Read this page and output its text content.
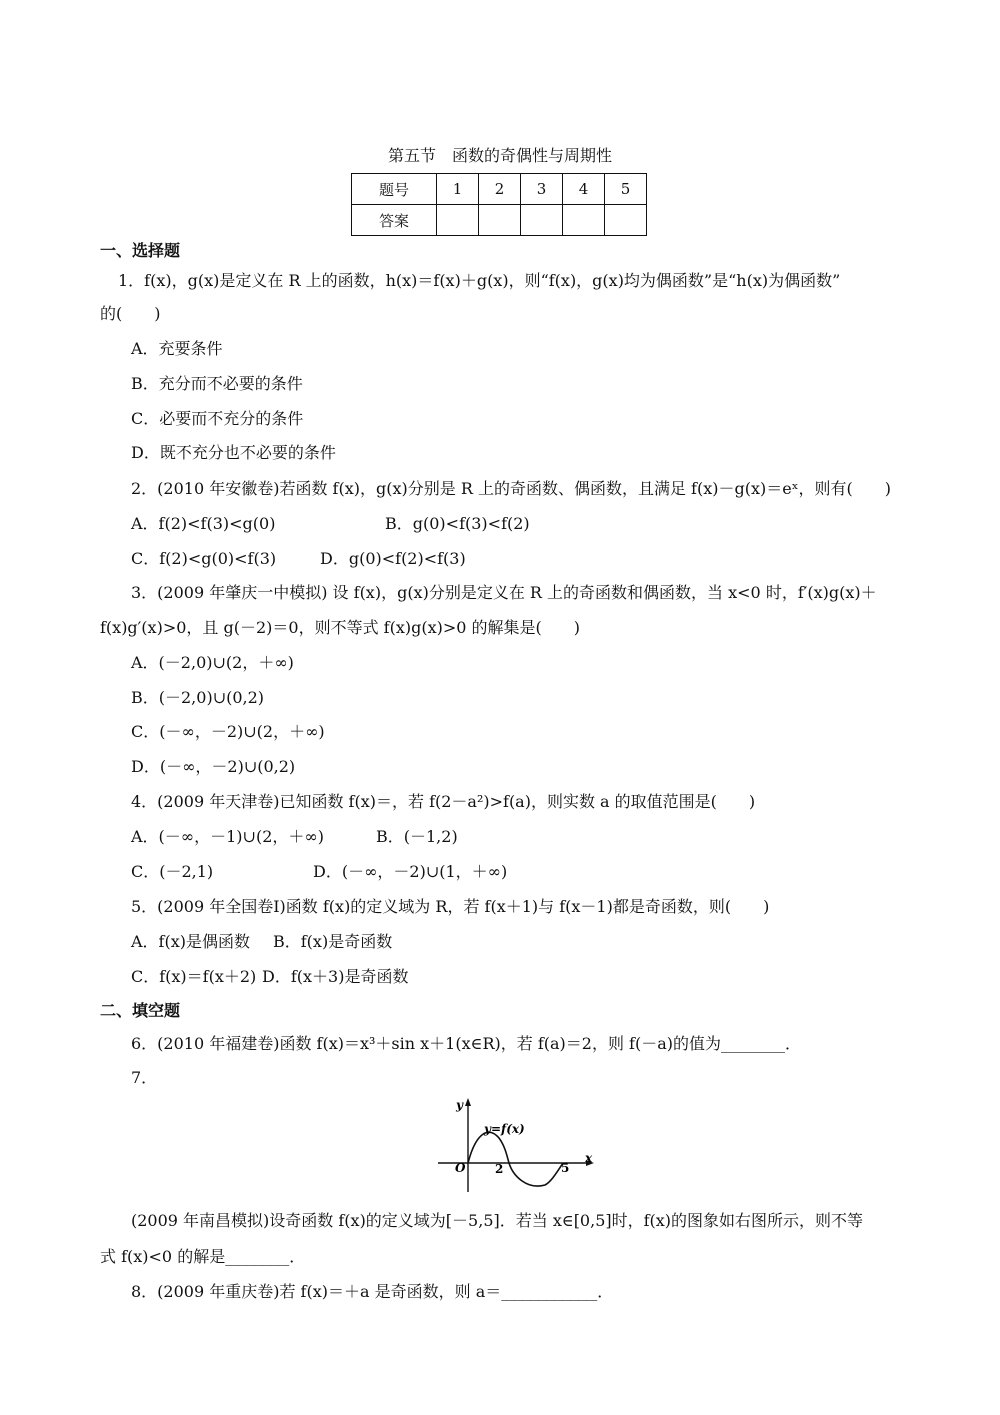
第五节　函数的奇偶性与周期性
题号	1	2	3	4	5
答案					
一、选择题
1．f(x)，g(x)是定义在 R 上的函数，h(x)＝f(x)＋g(x)，则“f(x)，g(x)均为偶函数”是“h(x)为偶函数”
的(　　)
A．充要条件
B．充分而不必要的条件
C．必要而不充分的条件
D．既不充分也不必要的条件
2．(2010 年安徽卷)若函数 f(x)，g(x)分别是 R 上的奇函数、偶函数，且满足 f(x)－g(x)＝eˣ，则有(　　)
A．f(2)<f(3)<g(0)	B．g(0)<f(3)<f(2)
C．f(2)<g(0)<f(3)	D．g(0)<f(2)<f(3)
3．(2009 年肇庆一中模拟) 设 f(x)，g(x)分别是定义在 R 上的奇函数和偶函数，当 x<0 时，f′(x)g(x)＋
f(x)g′(x)>0，且 g(－2)＝0，则不等式 f(x)g(x)>0 的解集是(　　)
A．(－2,0)∪(2，＋∞)
B．(－2,0)∪(0,2)
C．(－∞，－2)∪(2，＋∞)
D．(－∞，－2)∪(0,2)
4．(2009 年天津卷)已知函数 f(x)＝，若 f(2－a²)>f(a)，则实数 a 的取值范围是(　　)
A．(－∞，－1)∪(2，＋∞)	B．(－1,2)
C．(－2,1)	D．(－∞，－2)∪(1，＋∞)
5．(2009 年全国卷Ⅰ)函数 f(x)的定义域为 R，若 f(x＋1)与 f(x－1)都是奇函数，则(　　)
A．f(x)是偶函数 B．f(x)是奇函数
C．f(x)＝f(x＋2) D．f(x＋3)是奇函数
二、填空题
6．(2010 年福建卷)函数 f(x)＝x³＋sin x＋1(x∈R)，若 f(a)＝2，则 f(－a)的值为________．
7．
y
x
O 2	5
y=f(x)
(2009 年南昌模拟)设奇函数 f(x)的定义域为[－5,5]．若当 x∈[0,5]时，f(x)的图象如右图所示，则不等
式 f(x)<0 的解是________．
8．(2009 年重庆卷)若 f(x)＝＋a 是奇函数，则 a＝____________．
